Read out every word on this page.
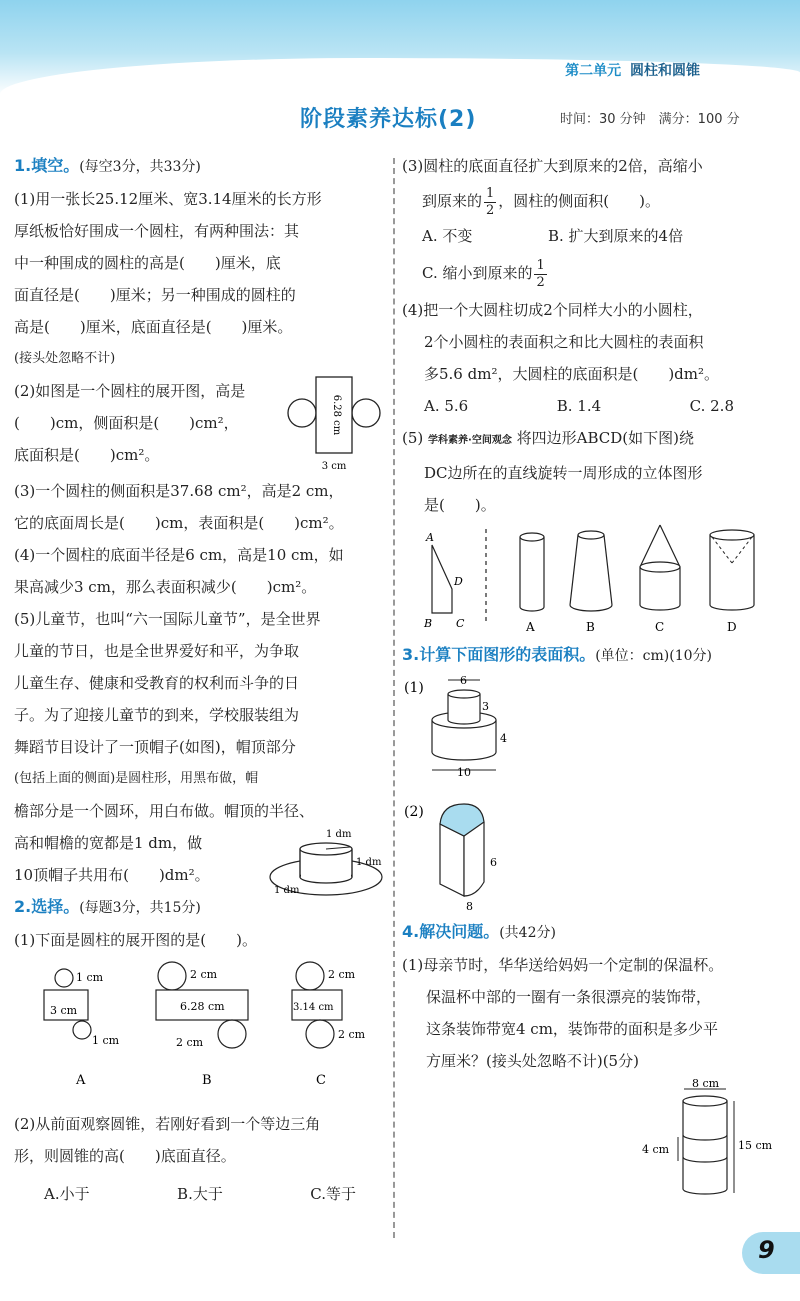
第二单元 圆柱和圆锥
阶段素养达标(2)	时间：30 分钟　满分：100 分
1.填空。(每空3分，共33分)
(1)用一张长25.12厘米、宽3.14厘米的长方形
厚纸板恰好围成一个圆柱，有两种围法：其
中一种围成的圆柱的高是(　　)厘米，底
面直径是(　　)厘米；另一种围成的圆柱的
高是(　　)厘米，底面直径是(　　)厘米。
(接头处忽略不计)
(2)如图是一个圆柱的展开图，高是
(　　)cm，侧面积是(　　)cm²，
底面积是(　　)cm²。
6.28 cm
3 cm
(3)一个圆柱的侧面积是37.68 cm²，高是2 cm，
它的底面周长是(　　)cm，表面积是(　　)cm²。
(4)一个圆柱的底面半径是6 cm，高是10 cm，如
果高减少3 cm，那么表面积减少(　　)cm²。
(5)儿童节，也叫“六一国际儿童节”，是全世界
儿童的节日，也是全世界爱好和平，为争取
儿童生存、健康和受教育的权利而斗争的日
子。为了迎接儿童节的到来，学校服装组为
舞蹈节目设计了一顶帽子(如图)，帽顶部分
(包括上面的侧面)是圆柱形，用黑布做，帽
檐部分是一个圆环，用白布做。帽顶的半径、
高和帽檐的宽都是1 dm，做
10顶帽子共用布(　　)dm²。
1 dm
1 dm
1 dm
2.选择。(每题3分，共15分)
(1)下面是圆柱的展开图的是(　　)。
1 cm
3 cm
1 cm
A
2 cm
6.28 cm
2 cm
B
2 cm
3.14 cm
2 cm
C
(2)从前面观察圆锥，若刚好看到一个等边三角
形，则圆锥的高(　　)底面直径。
A.小于	B.大于	C.等于
(3)圆柱的底面直径扩大到原来的2倍，高缩小
到原来的 $\frac{1}{2}$ ，圆柱的侧面积(　　)。
A. 不变	B. 扩大到原来的4倍
C. 缩小到原来的 $\frac{1}{2}$
(4)把一个大圆柱切成2个同样大小的小圆柱，
2个小圆柱的表面积之和比大圆柱的表面积
多5.6 dm²，大圆柱的底面积是(　　)dm²。
A. 5.6	B. 1.4	C. 2.8
(5) 学科素养·空间观念 将四边形ABCD(如下图)绕
DC边所在的直线旋转一周形成的立体图形
是(　　)。
A
B C
D
A	B	C	D
3.计算下面图形的表面积。(单位：cm)(10分)
(1)	6
3
4
10
(2)
6
8
4.解决问题。(共42分)
(1)母亲节时，华华送给妈妈一个定制的保温杯。
保温杯中部的一圈有一条很漂亮的装饰带，
这条装饰带宽4 cm，装饰带的面积是多少平
方厘米？(接头处忽略不计)(5分)
8 cm
4 cm	15 cm
9
